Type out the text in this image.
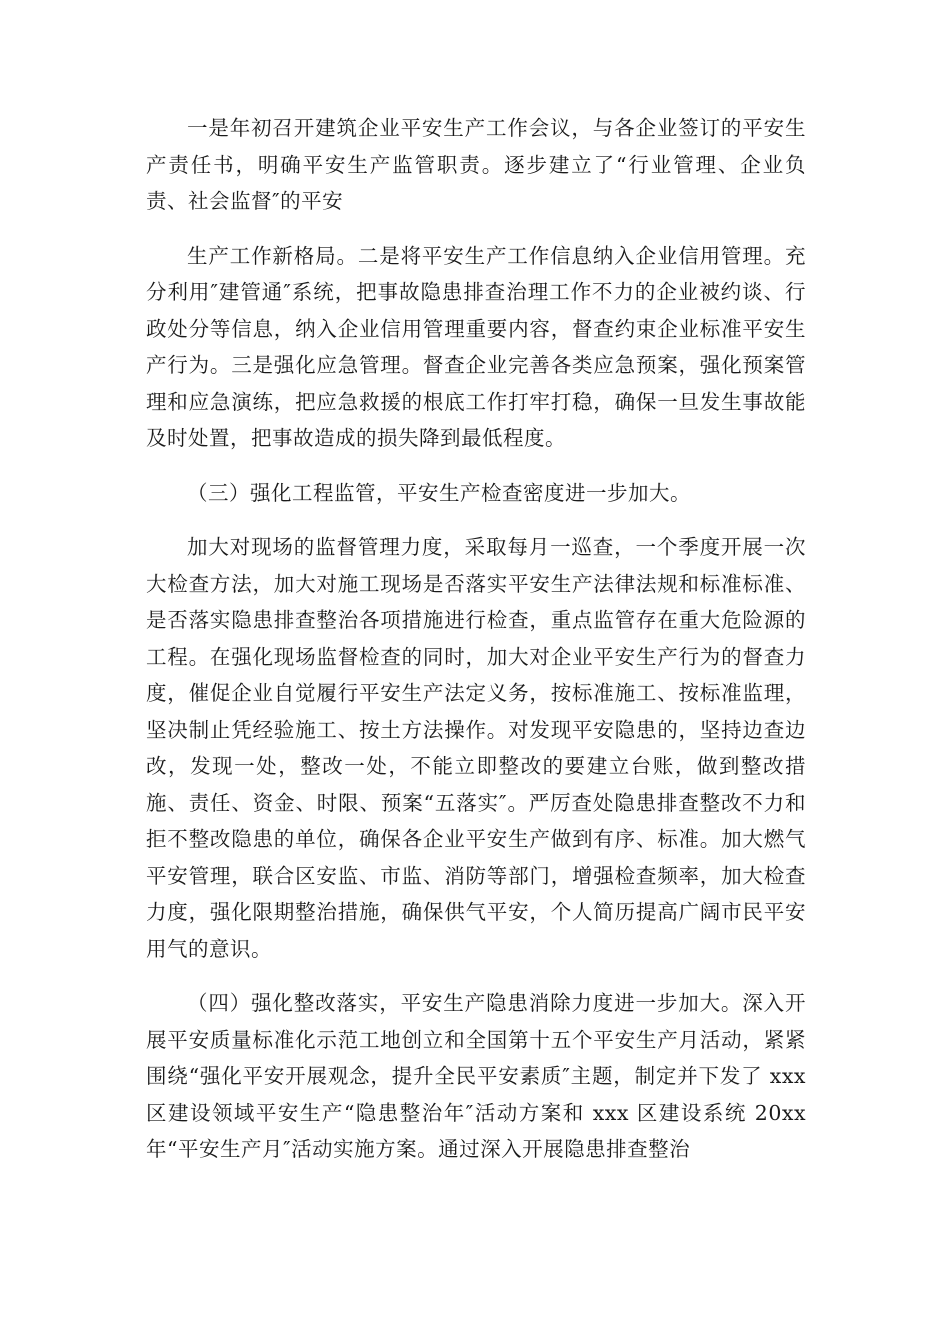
一是年初召开建筑企业平安生产工作会议，与各企业签订的平安生产责任书，明确平安生产监管职责。逐步建立了“行业管理、企业负责、社会监督″的平安

生产工作新格局。二是将平安生产工作信息纳入企业信用管理。充分利用″建管通″系统，把事故隐患排查治理工作不力的企业被约谈、行政处分等信息，纳入企业信用管理重要内容，督查约束企业标准平安生产行为。三是强化应急管理。督查企业完善各类应急预案，强化预案管理和应急演练，把应急救援的根底工作打牢打稳，确保一旦发生事故能及时处置，把事故造成的损失降到最低程度。

（三）强化工程监管，平安生产检查密度进一步加大。

加大对现场的监督管理力度，采取每月一巡查，一个季度开展一次大检查方法，加大对施工现场是否落实平安生产法律法规和标准标准、是否落实隐患排查整治各项措施进行检查，重点监管存在重大危险源的工程。在强化现场监督检查的同时，加大对企业平安生产行为的督查力度，催促企业自觉履行平安生产法定义务，按标准施工、按标准监理，坚决制止凭经验施工、按土方法操作。对发现平安隐患的，坚持边查边改，发现一处，整改一处，不能立即整改的要建立台账，做到整改措施、责任、资金、时限、预案“五落实″。严厉查处隐患排查整改不力和拒不整改隐患的单位，确保各企业平安生产做到有序、标准。加大燃气平安管理，联合区安监、市监、消防等部门，增强检查频率，加大检查力度，强化限期整治措施，确保供气平安，个人简历提高广阔市民平安用气的意识。

（四）强化整改落实，平安生产隐患消除力度进一步加大。深入开展平安质量标准化示范工地创立和全国第十五个平安生产月活动，紧紧围绕“强化平安开展观念，提升全民平安素质″主题，制定并下发了 xxx 区建设领域平安生产“隐患整治年″活动方案和 xxx 区建设系统 20xx 年“平安生产月″活动实施方案。通过深入开展隐患排查整治
